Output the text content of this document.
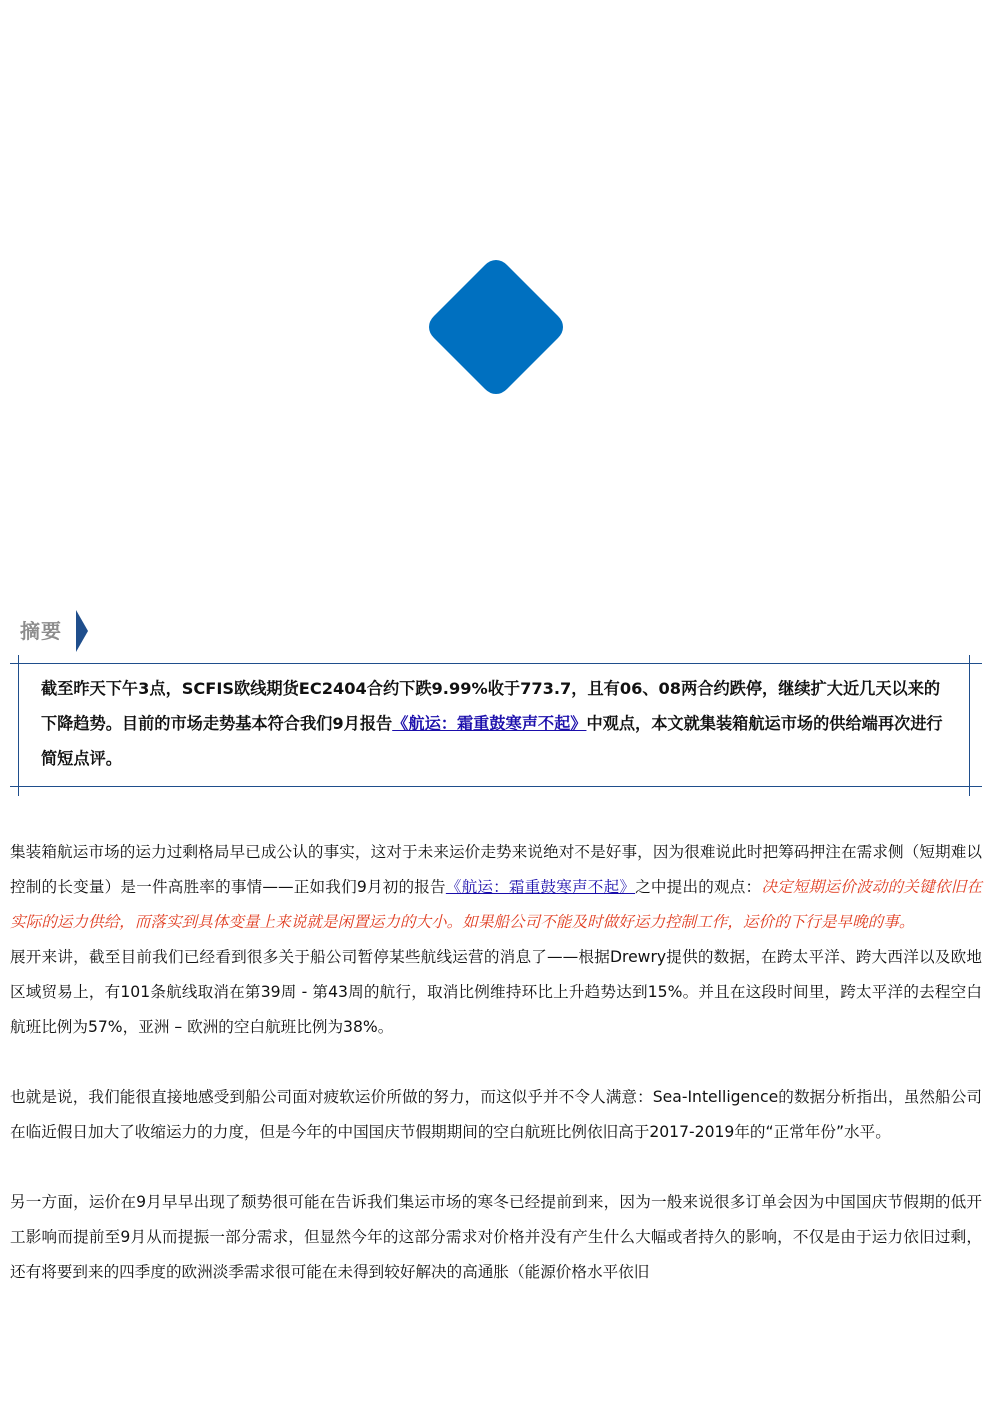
摘要

截至昨天下午3点，SCFIS欧线期货EC2404合约下跌9.99%收于773.7，且有06、08两合约跌停，继续扩大近几天以来的下降趋势。目前的市场走势基本符合我们9月报告《航运：霜重鼓寒声不起》中观点，本文就集装箱航运市场的供给端再次进行简短点评。

集装箱航运市场的运力过剩格局早已成公认的事实，这对于未来运价走势来说绝对不是好事，因为很难说此时把筹码押注在需求侧（短期难以控制的长变量）是一件高胜率的事情——正如我们9月初的报告《航运：霜重鼓寒声不起》之中提出的观点：决定短期运价波动的关键依旧在实际的运力供给，而落实到具体变量上来说就是闲置运力的大小。如果船公司不能及时做好运力控制工作，运价的下行是早晚的事。

展开来讲，截至目前我们已经看到很多关于船公司暂停某些航线运营的消息了——根据Drewry提供的数据，在跨太平洋、跨大西洋以及欧地区域贸易上，有101条航线取消在第39周 - 第43周的航行，取消比例维持环比上升趋势达到15%。并且在这段时间里，跨太平洋的去程空白航班比例为57%，亚洲 – 欧洲的空白航班比例为38%。

也就是说，我们能很直接地感受到船公司面对疲软运价所做的努力，而这似乎并不令人满意：Sea-Intelligence的数据分析指出，虽然船公司在临近假日加大了收缩运力的力度，但是今年的中国国庆节假期期间的空白航班比例依旧高于2017-2019年的“正常年份”水平。

另一方面，运价在9月早早出现了颓势很可能在告诉我们集运市场的寒冬已经提前到来，因为一般来说很多订单会因为中国国庆节假期的低开工影响而提前至9月从而提振一部分需求，但显然今年的这部分需求对价格并没有产生什么大幅或者持久的影响，不仅是由于运力依旧过剩，还有将要到来的四季度的欧洲淡季需求很可能在未得到较好解决的高通胀（能源价格水平依旧
